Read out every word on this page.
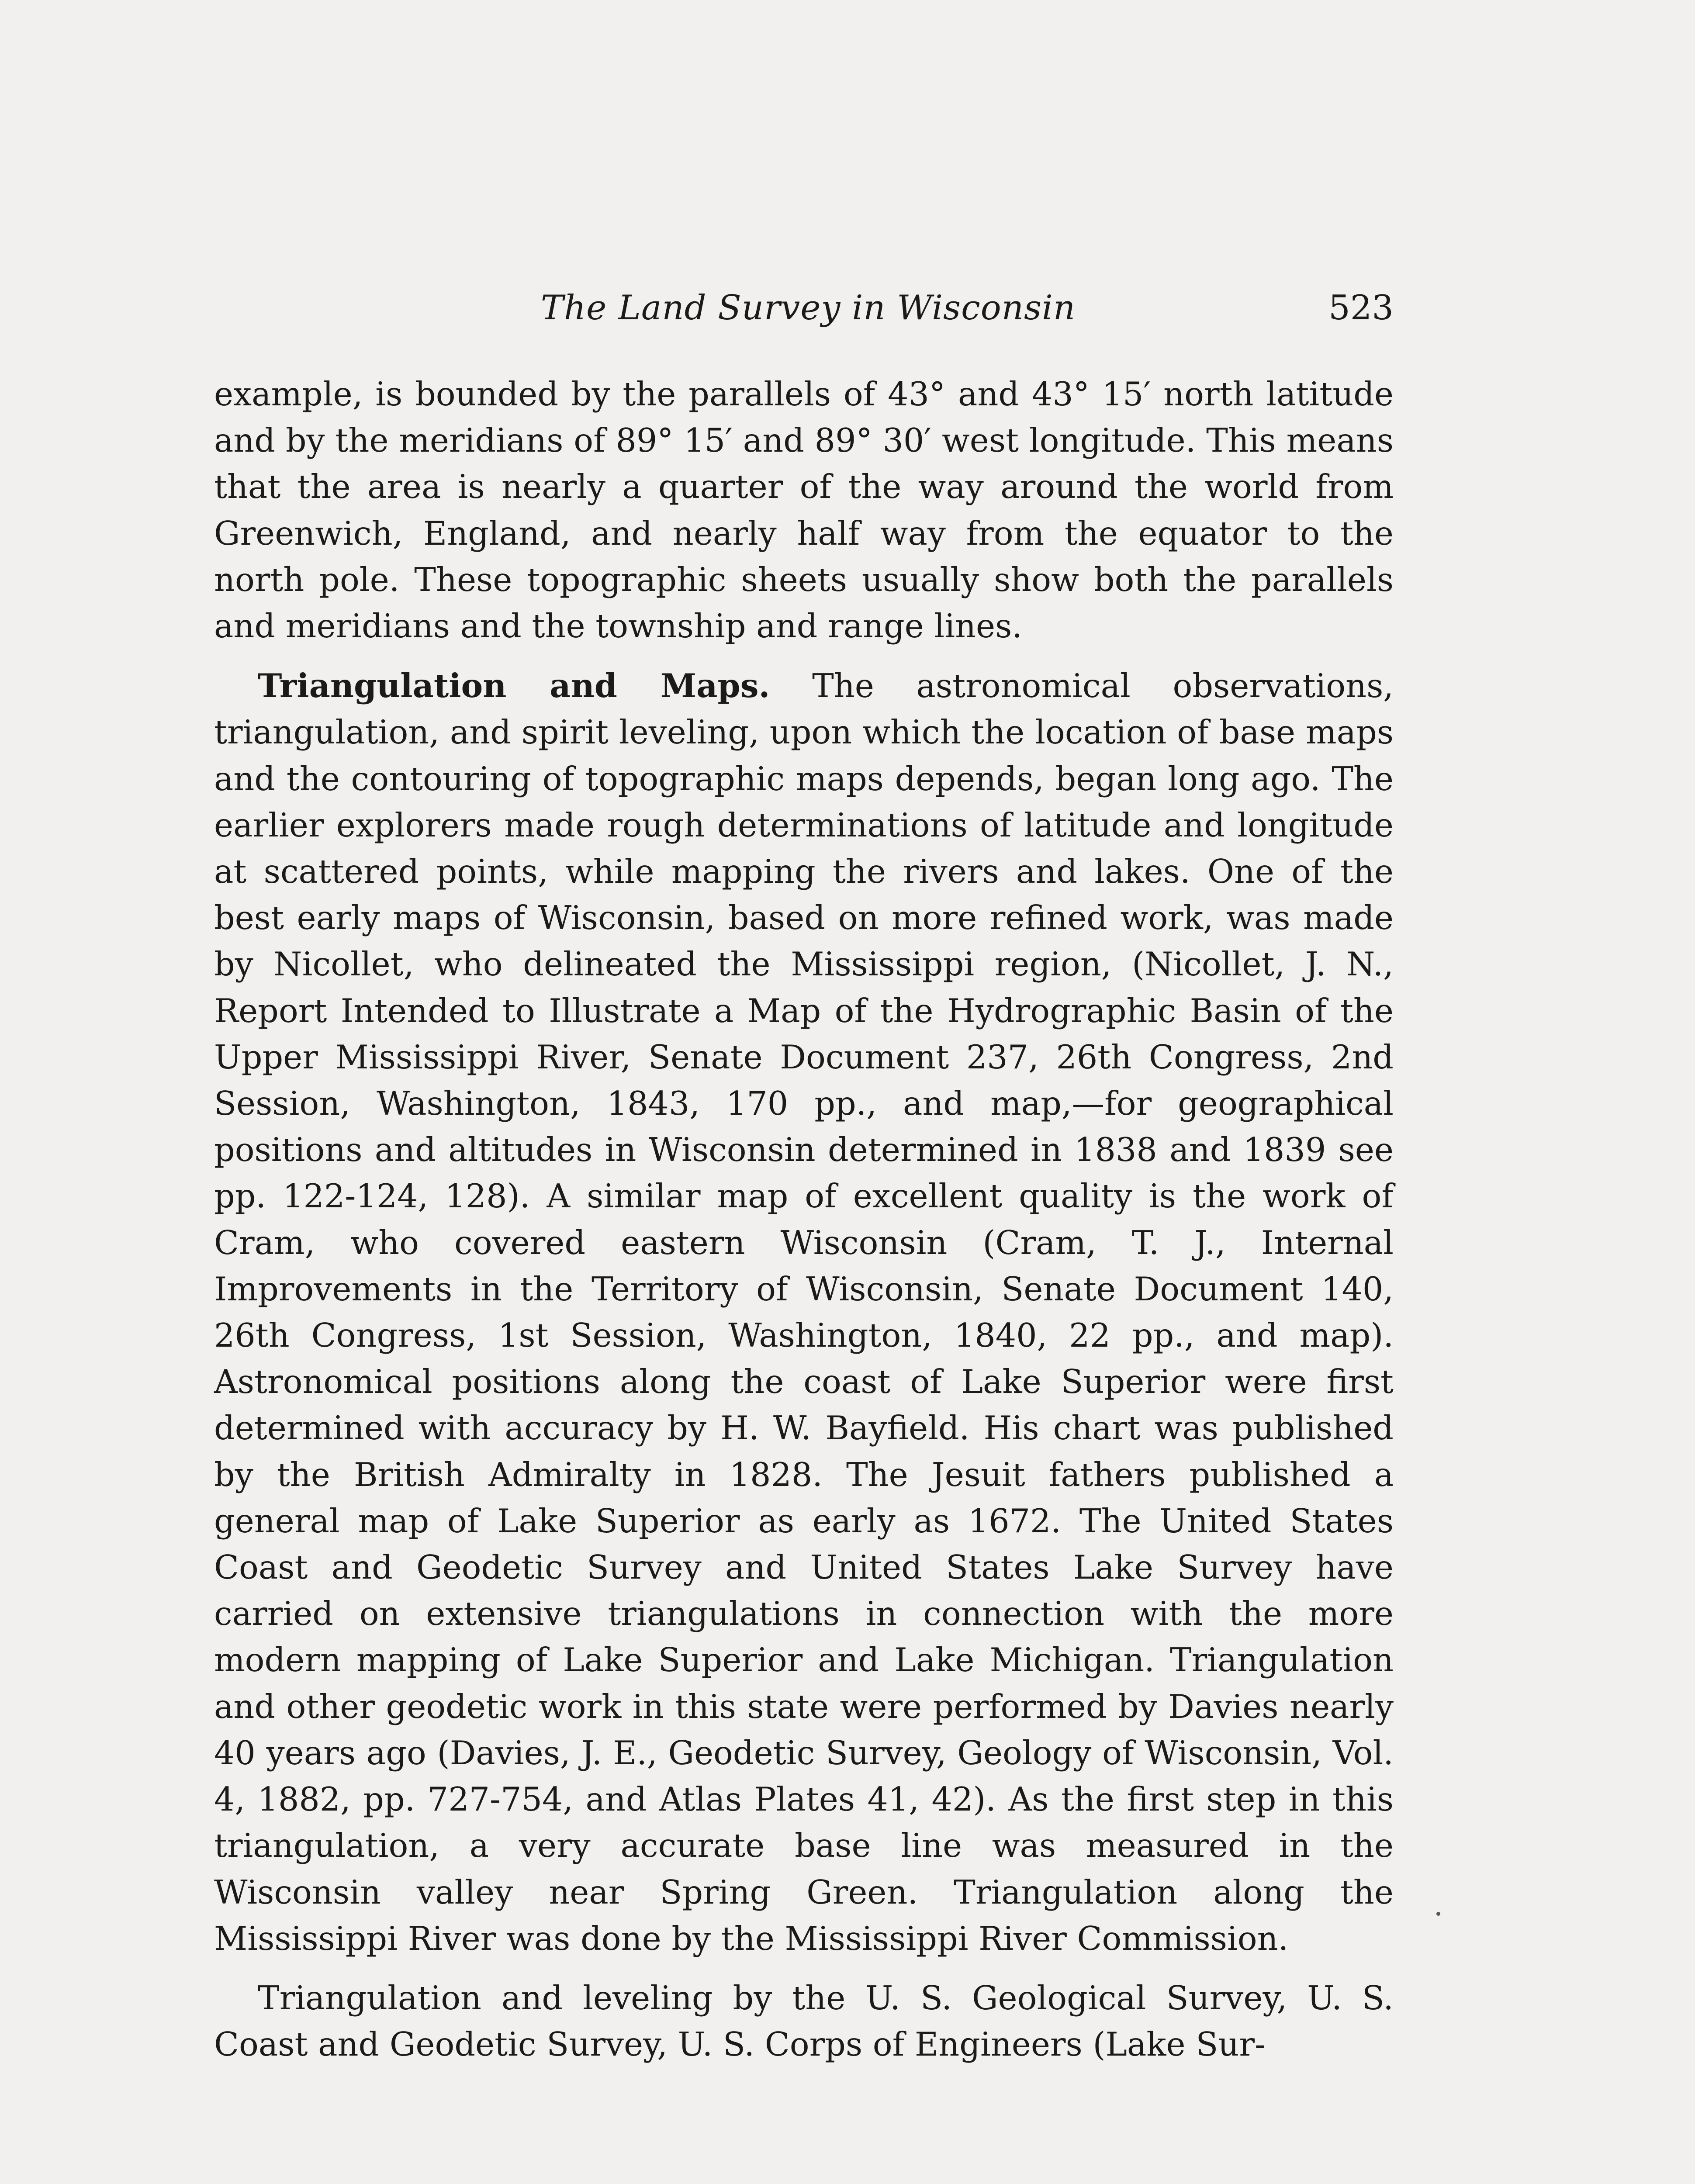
The Land Survey in Wisconsin	523

example, is bounded by the parallels of 43° and 43° 15′ north latitude and by the meridians of 89° 15′ and 89° 30′ west longitude. This means that the area is nearly a quarter of the way around the world from Greenwich, England, and nearly half way from the equator to the north pole. These topographic sheets usually show both the parallels and meridians and the township and range lines.

Triangulation and Maps. The astronomical observations, triangulation, and spirit leveling, upon which the location of base maps and the contouring of topographic maps depends, began long ago. The earlier explorers made rough determinations of latitude and longitude at scattered points, while mapping the rivers and lakes. One of the best early maps of Wisconsin, based on more refined work, was made by Nicollet, who delineated the Mississippi region, (Nicollet, J. N., Report Intended to Illustrate a Map of the Hydrographic Basin of the Upper Mississippi River, Senate Document 237, 26th Congress, 2nd Session, Washington, 1843, 170 pp., and map,—for geographical positions and altitudes in Wisconsin determined in 1838 and 1839 see pp. 122-124, 128). A similar map of excellent quality is the work of Cram, who covered eastern Wisconsin (Cram, T. J., Internal Improvements in the Territory of Wisconsin, Senate Document 140, 26th Congress, 1st Session, Washington, 1840, 22 pp., and map). Astronomical positions along the coast of Lake Superior were first determined with accuracy by H. W. Bayfield. His chart was published by the British Admiralty in 1828. The Jesuit fathers published a general map of Lake Superior as early as 1672. The United States Coast and Geodetic Survey and United States Lake Survey have carried on extensive triangulations in connection with the more modern mapping of Lake Superior and Lake Michigan. Triangulation and other geodetic work in this state were performed by Davies nearly 40 years ago (Davies, J. E., Geodetic Survey, Geology of Wisconsin, Vol. 4, 1882, pp. 727-754, and Atlas Plates 41, 42). As the first step in this triangulation, a very accurate base line was measured in the Wisconsin valley near Spring Green. Triangulation along the Mississippi River was done by the Mississippi River Commission.

Triangulation and leveling by the U. S. Geological Survey, U. S. Coast and Geodetic Survey, U. S. Corps of Engineers (Lake Sur-
